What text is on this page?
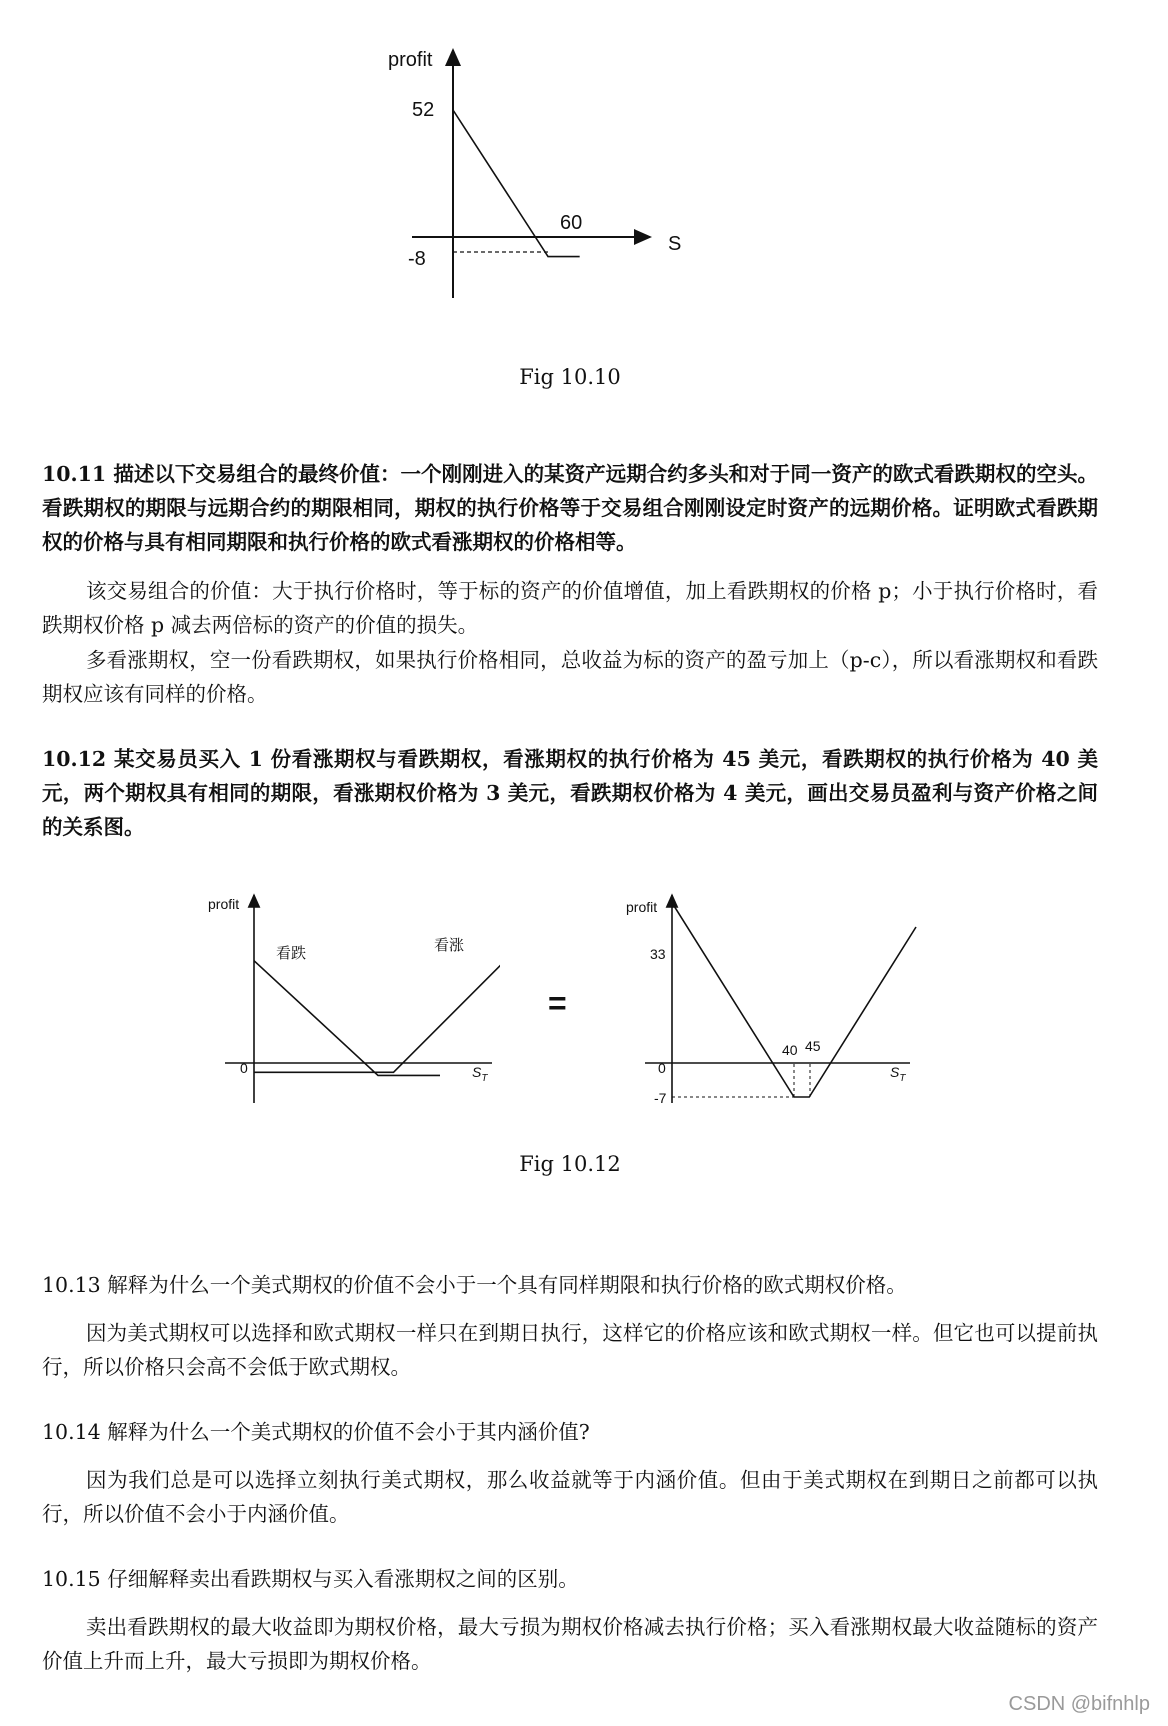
profit
S
52
-8
60
Fig 10.10
10.11 描述以下交易组合的最终价值：一个刚刚进入的某资产远期合约多头和对于同一资产的欧式看跌期权的空头。看跌期权的期限与远期合约的期限相同，期权的执行价格等于交易组合刚刚设定时资产的远期价格。证明欧式看跌期权的价格与具有相同期限和执行价格的欧式看涨期权的价格相等。
该交易组合的价值：大于执行价格时，等于标的资产的价值增值，加上看跌期权的价格 p；小于执行价格时，看跌期权价格 p 减去两倍标的资产的价值的损失。
多看涨期权，空一份看跌期权，如果执行价格相同，总收益为标的资产的盈亏加上（p-c），所以看涨期权和看跌期权应该有同样的价格。
10.12 某交易员买入 1 份看涨期权与看跌期权，看涨期权的执行价格为 45 美元，看跌期权的执行价格为 40 美元，两个期权具有相同的期限，看涨期权价格为 3 美元，看跌期权价格为 4 美元，画出交易员盈利与资产价格之间的关系图。
profit
0	$S_T$
看跌	看涨
=
profit
33
0
-7
$S_T$
40 45
Fig 10.12
10.13 解释为什么一个美式期权的价值不会小于一个具有同样期限和执行价格的欧式期权价格。
因为美式期权可以选择和欧式期权一样只在到期日执行，这样它的价格应该和欧式期权一样。但它也可以提前执行，所以价格只会高不会低于欧式期权。
10.14 解释为什么一个美式期权的价值不会小于其内涵价值?
因为我们总是可以选择立刻执行美式期权，那么收益就等于内涵价值。但由于美式期权在到期日之前都可以执行，所以价值不会小于内涵价值。
10.15 仔细解释卖出看跌期权与买入看涨期权之间的区别。
卖出看跌期权的最大收益即为期权价格，最大亏损为期权价格减去执行价格；买入看涨期权最大收益随标的资产价值上升而上升，最大亏损即为期权价格。
CSDN @bifnhlp
